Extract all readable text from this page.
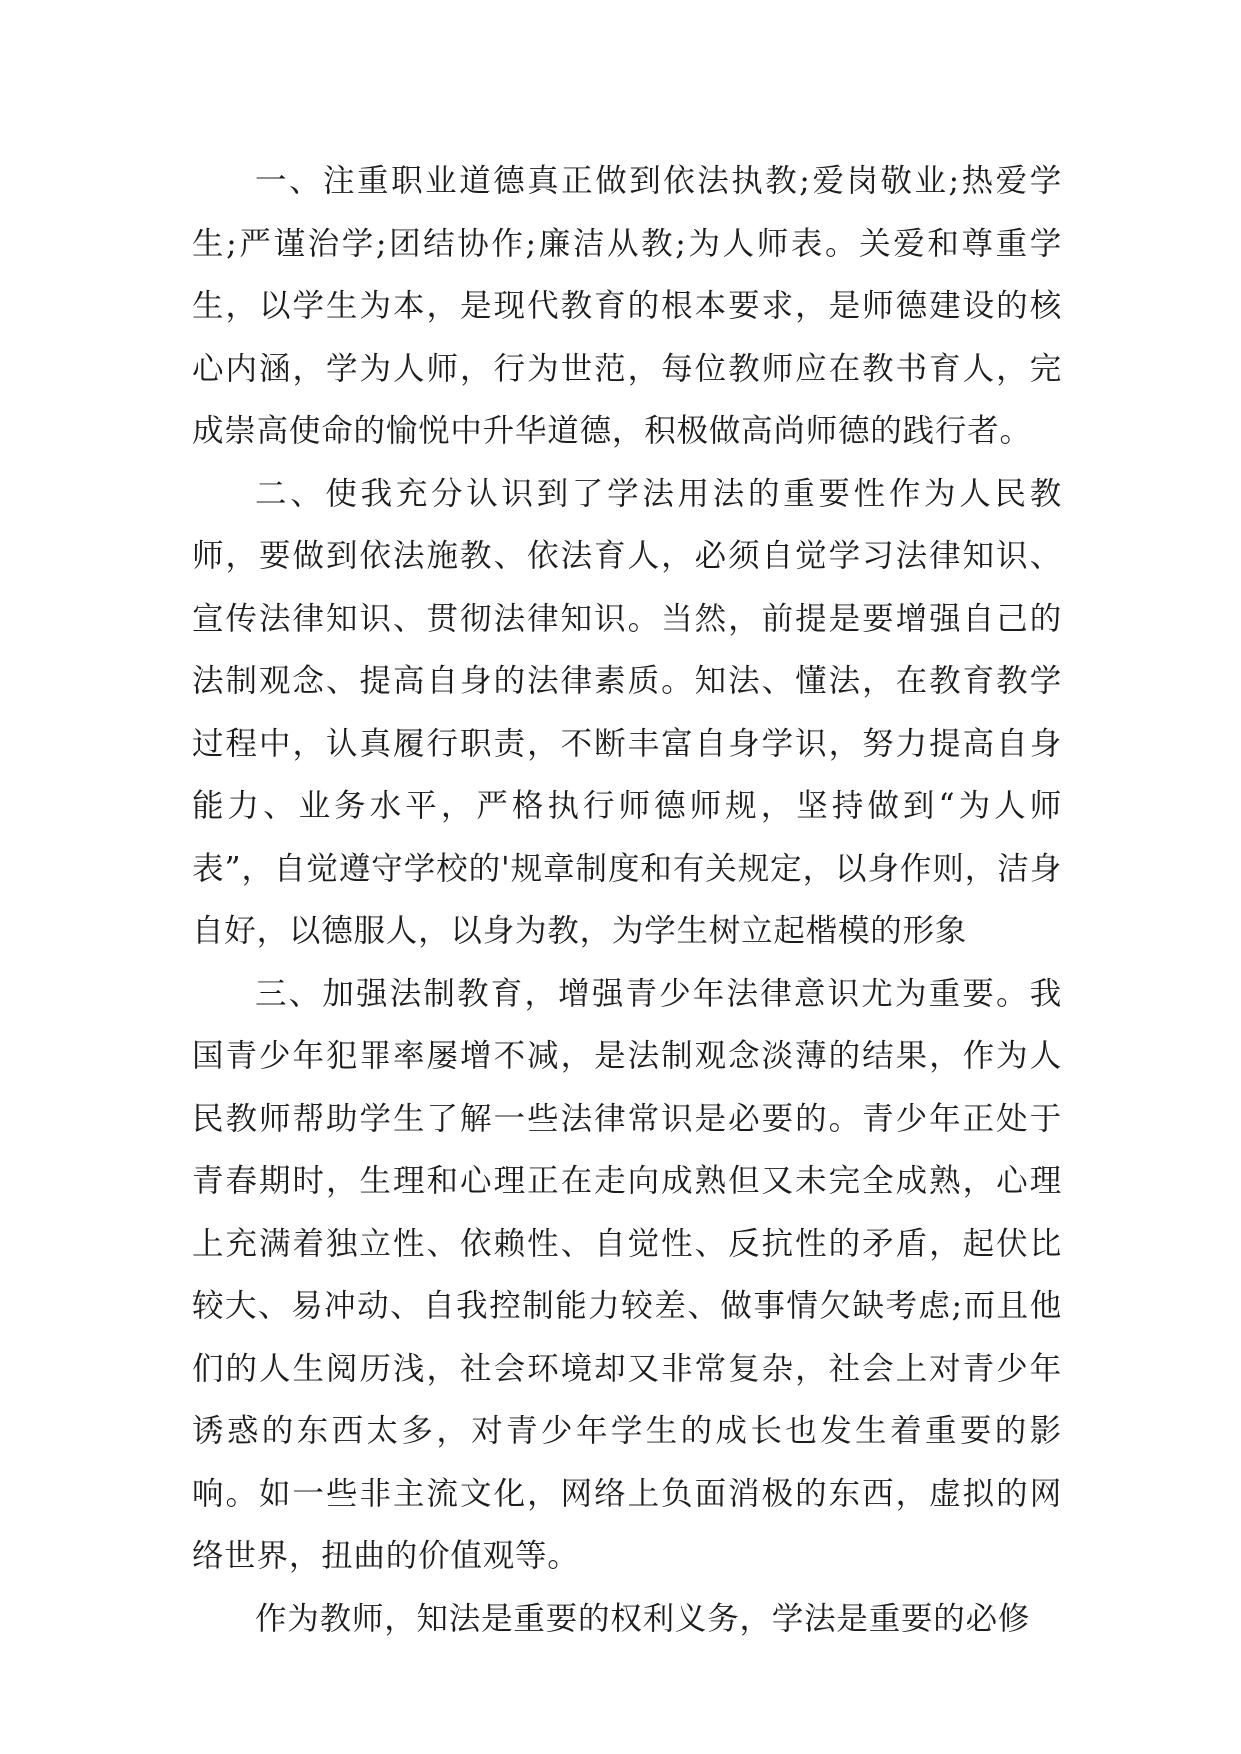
一、注重职业道德真正做到依法执教;爱岗敬业;热爱学生;严谨治学;团结协作;廉洁从教;为人师表。关爱和尊重学生，以学生为本，是现代教育的根本要求，是师德建设的核心内涵，学为人师，行为世范，每位教师应在教书育人，完成崇高使命的愉悦中升华道德，积极做高尚师德的践行者。

二、使我充分认识到了学法用法的重要性作为人民教师，要做到依法施教、依法育人，必须自觉学习法律知识、宣传法律知识、贯彻法律知识。当然，前提是要增强自己的法制观念、提高自身的法律素质。知法、懂法，在教育教学过程中，认真履行职责，不断丰富自身学识，努力提高自身能力、业务水平，严格执行师德师规，坚持做到“为人师表”，自觉遵守学校的'规章制度和有关规定，以身作则，洁身自好，以德服人，以身为教，为学生树立起楷模的形象

三、加强法制教育，增强青少年法律意识尤为重要。我国青少年犯罪率屡增不减，是法制观念淡薄的结果，作为人民教师帮助学生了解一些法律常识是必要的。青少年正处于青春期时，生理和心理正在走向成熟但又未完全成熟，心理上充满着独立性、依赖性、自觉性、反抗性的矛盾，起伏比较大、易冲动、自我控制能力较差、做事情欠缺考虑;而且他们的人生阅历浅，社会环境却又非常复杂，社会上对青少年诱惑的东西太多，对青少年学生的成长也发生着重要的影响。如一些非主流文化，网络上负面消极的东西，虚拟的网络世界，扭曲的价值观等。

作为教师，知法是重要的权利义务，学法是重要的必修
